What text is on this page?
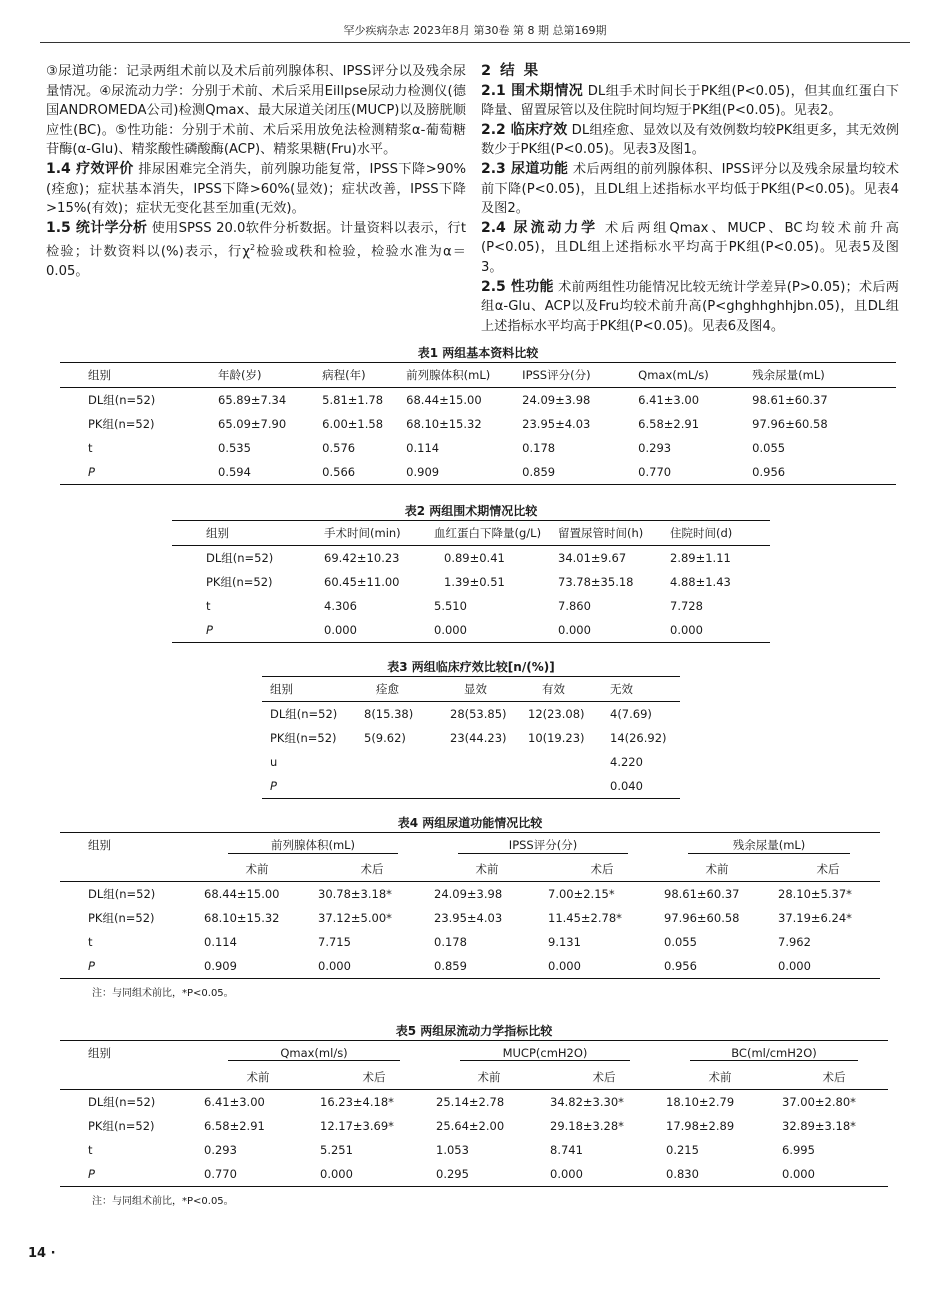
罕少疾病杂志 2023年8月 第30卷 第 8 期 总第169期

③尿道功能：记录两组术前以及术后前列腺体积、IPSS评分以及残余尿量情况。④尿流动力学：分别于术前、术后采用Eillpse尿动力检测仪(德国ANDROMEDA公司)检测Qmax、最大尿道关闭压(MUCP)以及膀胱顺应性(BC)。⑤性功能：分别于术前、术后采用放免法检测精浆α-葡萄糖苷酶(α-Glu)、精浆酸性磷酸酶(ACP)、精浆果糖(Fru)水平。

1.4 疗效评价 排尿困难完全消失，前列腺功能复常，IPSS下降>90%(痊愈)；症状基本消失，IPSS下降>60%(显效)；症状改善，IPSS下降>15%(有效)；症状无变化甚至加重(无效)。

1.5 统计学分析 使用SPSS 20.0软件分析数据。计量资料以表示，行t检验；计数资料以(%)表示，行$\chi^2$检验或秩和检验，检验水准为α＝0.05。

2 结 果

2.1 围术期情况 DL组手术时间长于PK组(P<0.05)，但其血红蛋白下降量、留置尿管以及住院时间均短于PK组(P<0.05)。见表2。

2.2 临床疗效 DL组痊愈、显效以及有效例数均较PK组更多，其无效例数少于PK组(P<0.05)。见表3及图1。

2.3 尿道功能 术后两组的前列腺体积、IPSS评分以及残余尿量均较术前下降(P<0.05)，且DL组上述指标水平均低于PK组(P<0.05)。见表4及图2。

2.4 尿流动力学 术后两组Qmax、MUCP、BC均较术前升高(P<0.05)，且DL组上述指标水平均高于PK组(P<0.05)。见表5及图3。

2.5 性功能 术前两组性功能情况比较无统计学差异(P>0.05)；术后两组α-Glu、ACP以及Fru均较术前升高(P<ghghhghhjbn.05)，且DL组上述指标水平均高于PK组(P<0.05)。见表6及图4。

表1 两组基本资料比较
组别	年龄(岁)	病程(年)	前列腺体积(mL)	IPSS评分(分)	Qmax(mL/s)	残余尿量(mL)
DL组(n=52)	65.89±7.34	5.81±1.78	68.44±15.00	24.09±3.98	6.41±3.00	98.61±60.37
PK组(n=52)	65.09±7.90	6.00±1.58	68.10±15.32	23.95±4.03	6.58±2.91	97.96±60.58
t	0.535	0.576	0.114	0.178	0.293	0.055
P	0.594	0.566	0.909	0.859	0.770	0.956
表2 两组围术期情况比较
组别	手术时间(min)	血红蛋白下降量(g/L)	留置尿管时间(h)	住院时间(d)
DL组(n=52)	69.42±10.23	0.89±0.41	34.01±9.67	2.89±1.11
PK组(n=52)	60.45±11.00	1.39±0.51	73.78±35.18	4.88±1.43
t	4.306	5.510	7.860	7.728
P	0.000	0.000	0.000	0.000
表3 两组临床疗效比较[n/(%)]
组别	痊愈	显效	有效	无效
DL组(n=52)	8(15.38)	28(53.85)	12(23.08)	4(7.69)
PK组(n=52)	5(9.62)	23(44.23)	10(19.23)	14(26.92)
u				4.220
P				0.040
表4 两组尿道功能情况比较
组别	前列腺体积(mL)		IPSS评分(分)		残余尿量(mL)	

	术前	术后	术前	术后	术前	术后
DL组(n=52)	68.44±15.00	30.78±3.18*	24.09±3.98	7.00±2.15*	98.61±60.37	28.10±5.37*
PK组(n=52)	68.10±15.32	37.12±5.00*	23.95±4.03	11.45±2.78*	97.96±60.58	37.19±6.24*
t	0.114	7.715	0.178	9.131	0.055	7.962
P	0.909	0.000	0.859	0.000	0.956	0.000
注：与同组术前比，*P<0.05。
表5 两组尿流动力学指标比较
组别	Qmax(ml/s)		MUCP(cmH2O)		BC(ml/cmH2O)	

	术前	术后	术前	术后	术前	术后
DL组(n=52)	6.41±3.00	16.23±4.18*	25.14±2.78	34.82±3.30*	18.10±2.79	37.00±2.80*
PK组(n=52)	6.58±2.91	12.17±3.69*	25.64±2.00	29.18±3.28*	17.98±2.89	32.89±3.18*
t	0.293	5.251	1.053	8.741	0.215	6.995
P	0.770	0.000	0.295	0.000	0.830	0.000
注：与同组术前比，*P<0.05。
14 ·
